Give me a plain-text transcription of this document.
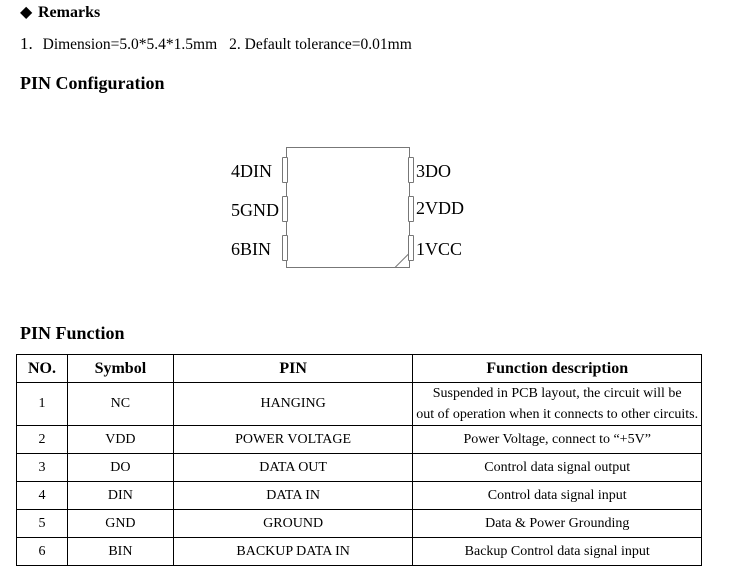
◆ Remarks
1. Dimension=5.0*5.4*1.5mm 2. Default tolerance=0.01mm
PIN Configuration
4DIN
5GND
6BIN
3DO
2VDD
1VCC
PIN Function
NO.	Symbol	PIN	Function description
1	NC	HANGING	Suspended in PCB layout, the circuit will be
out of operation when it connects to other circuits.

2	VDD	POWER VOLTAGE	Power Voltage, connect to “+5V”
3	DO	DATA OUT	Control data signal output
4	DIN	DATA IN	Control data signal input
5	GND	GROUND	Data & Power Grounding
6	BIN	BACKUP DATA IN	Backup Control data signal input
